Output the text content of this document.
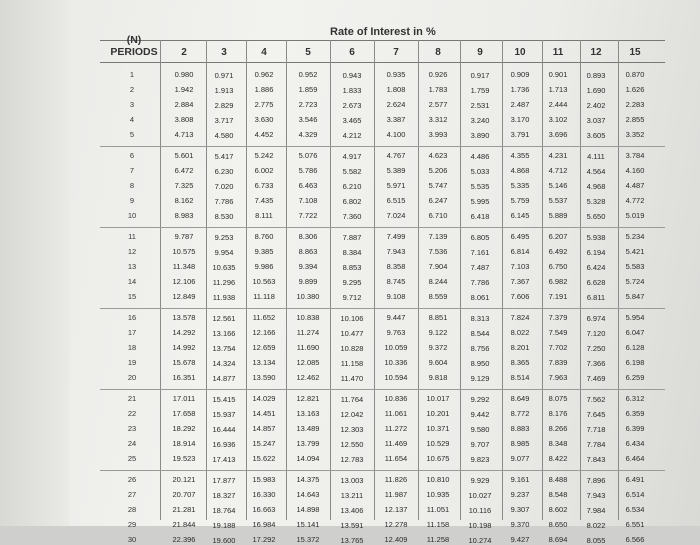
Rate of Interest in %
(N)
PERIODS	2	3	4	5	6	7	8	9	10	11	12	15
1	0.980	0.971	0.962	0.952	0.943	0.935	0.926	0.917	0.909	0.901	0.893	0.870
2	1.942	1.913	1.886	1.859	1.833	1.808	1.783	1.759	1.736	1.713	1.690	1.626
3	2.884	2.829	2.775	2.723	2.673	2.624	2.577	2.531	2.487	2.444	2.402	2.283
4	3.808	3.717	3.630	3.546	3.465	3.387	3.312	3.240	3.170	3.102	3.037	2.855
5	4.713	4.580	4.452	4.329	4.212	4.100	3.993	3.890	3.791	3.696	3.605	3.352
6	5.601	5.417	5.242	5.076	4.917	4.767	4.623	4.486	4.355	4.231	4.111	3.784
7	6.472	6.230	6.002	5.786	5.582	5.389	5.206	5.033	4.868	4.712	4.564	4.160
8	7.325	7.020	6.733	6.463	6.210	5.971	5.747	5.535	5.335	5.146	4.968	4.487
9	8.162	7.786	7.435	7.108	6.802	6.515	6.247	5.995	5.759	5.537	5.328	4.772
10	8.983	8.530	8.111	7.722	7.360	7.024	6.710	6.418	6.145	5.889	5.650	5.019
11	9.787	9.253	8.760	8.306	7.887	7.499	7.139	6.805	6.495	6.207	5.938	5.234
12	10.575	9.954	9.385	8.863	8.384	7.943	7.536	7.161	6.814	6.492	6.194	5.421
13	11.348	10.635	9.986	9.394	8.853	8.358	7.904	7.487	7.103	6.750	6.424	5.583
14	12.106	11.296	10.563	9.899	9.295	8.745	8.244	7.786	7.367	6.982	6.628	5.724
15	12.849	11.938	11.118	10.380	9.712	9.108	8.559	8.061	7.606	7.191	6.811	5.847
16	13.578	12.561	11.652	10.838	10.106	9.447	8.851	8.313	7.824	7.379	6.974	5.954
17	14.292	13.166	12.166	11.274	10.477	9.763	9.122	8.544	8.022	7.549	7.120	6.047
18	14.992	13.754	12.659	11.690	10.828	10.059	9.372	8.756	8.201	7.702	7.250	6.128
19	15.678	14.324	13.134	12.085	11.158	10.336	9.604	8.950	8.365	7.839	7.366	6.198
20	16.351	14.877	13.590	12.462	11.470	10.594	9.818	9.129	8.514	7.963	7.469	6.259
21	17.011	15.415	14.029	12.821	11.764	10.836	10.017	9.292	8.649	8.075	7.562	6.312
22	17.658	15.937	14.451	13.163	12.042	11.061	10.201	9.442	8.772	8.176	7.645	6.359
23	18.292	16.444	14.857	13.489	12.303	11.272	10.371	9.580	8.883	8.266	7.718	6.399
24	18.914	16.936	15.247	13.799	12.550	11.469	10.529	9.707	8.985	8.348	7.784	6.434
25	19.523	17.413	15.622	14.094	12.783	11.654	10.675	9.823	9.077	8.422	7.843	6.464
26	20.121	17.877	15.983	14.375	13.003	11.826	10.810	9.929	9.161	8.488	7.896	6.491
27	20.707	18.327	16.330	14.643	13.211	11.987	10.935	10.027	9.237	8.548	7.943	6.514
28	21.281	18.764	16.663	14.898	13.406	12.137	11.051	10.116	9.307	8.602	7.984	6.534
29	21.844	19.188	16.984	15.141	13.591	12.278	11.158	10.198	9.370	8.650	8.022	6.551
30	22.396	19.600	17.292	15.372	13.765	12.409	11.258	10.274	9.427	8.694	8.055	6.566
